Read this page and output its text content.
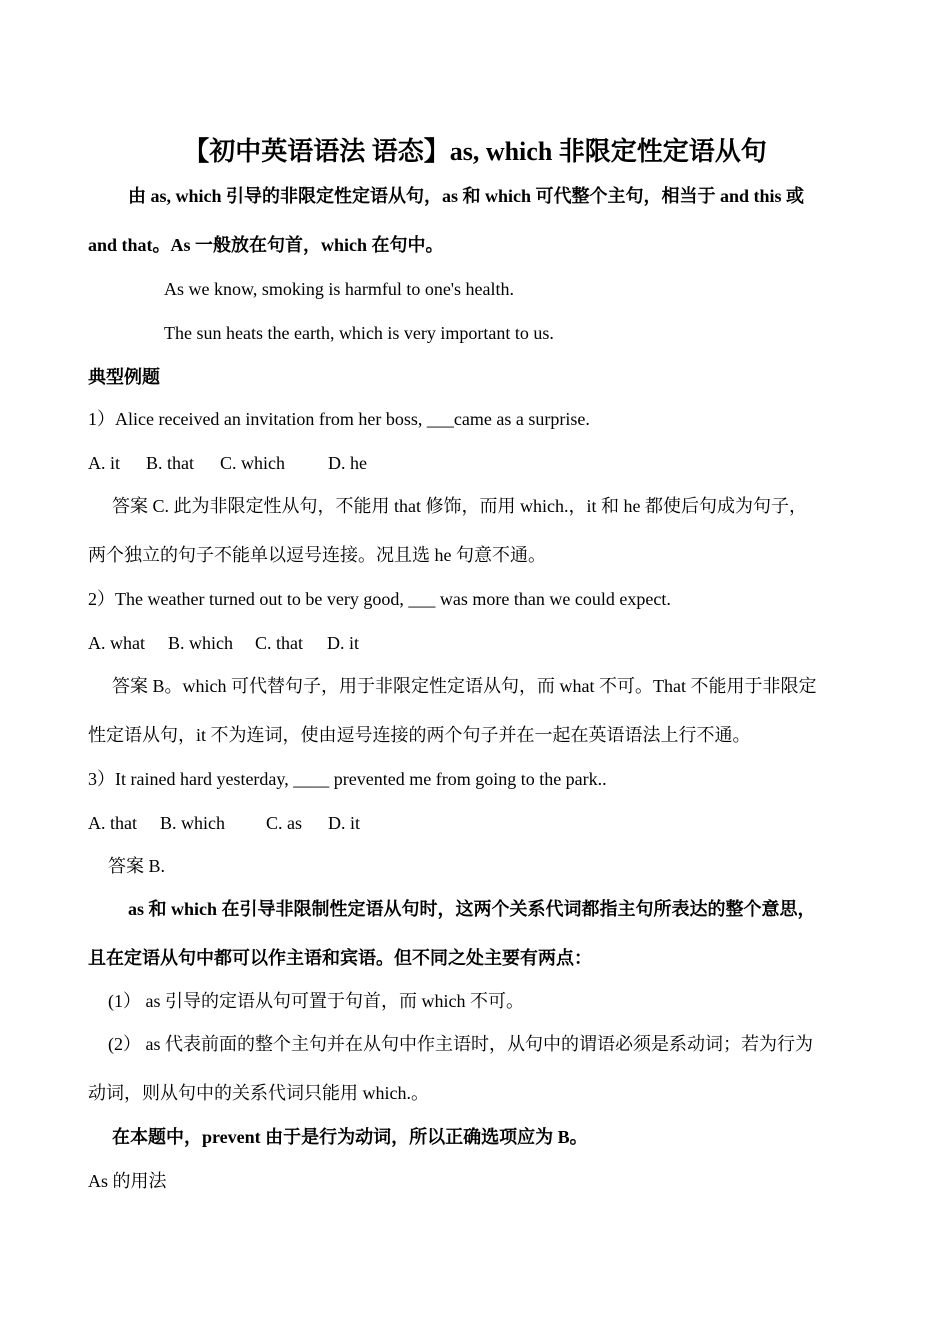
【初中英语语法 语态】as, which 非限定性定语从句
由 as, which 引导的非限定性定语从句，as 和 which 可代整个主句，相当于 and this 或
and that。As 一般放在句首，which 在句中。
As we know, smoking is harmful to one's health.
The sun heats the earth, which is very important to us.
典型例题
1）Alice received an invitation from her boss, ___came as a surprise.
A. it B. that C. which D. he
答案 C. 此为非限定性从句，不能用 that 修饰，而用 which.，it 和 he 都使后句成为句子，
两个独立的句子不能单以逗号连接。况且选 he 句意不通。
2）The weather turned out to be very good, ___ was more than we could expect.
A. what B. which C. that D. it
答案 B。which 可代替句子，用于非限定性定语从句，而 what 不可。That 不能用于非限定
性定语从句，it 不为连词，使由逗号连接的两个句子并在一起在英语语法上行不通。
3）It rained hard yesterday, ____ prevented me from going to the park..
A. that B. which C. as D. it
答案 B.
as 和 which 在引导非限制性定语从句时，这两个关系代词都指主句所表达的整个意思，
且在定语从句中都可以作主语和宾语。但不同之处主要有两点：
(1） as 引导的定语从句可置于句首，而 which 不可。
(2） as 代表前面的整个主句并在从句中作主语时，从句中的谓语必须是系动词；若为行为
动词，则从句中的关系代词只能用 which.。
在本题中，prevent 由于是行为动词，所以正确选项应为 B。
As 的用法
